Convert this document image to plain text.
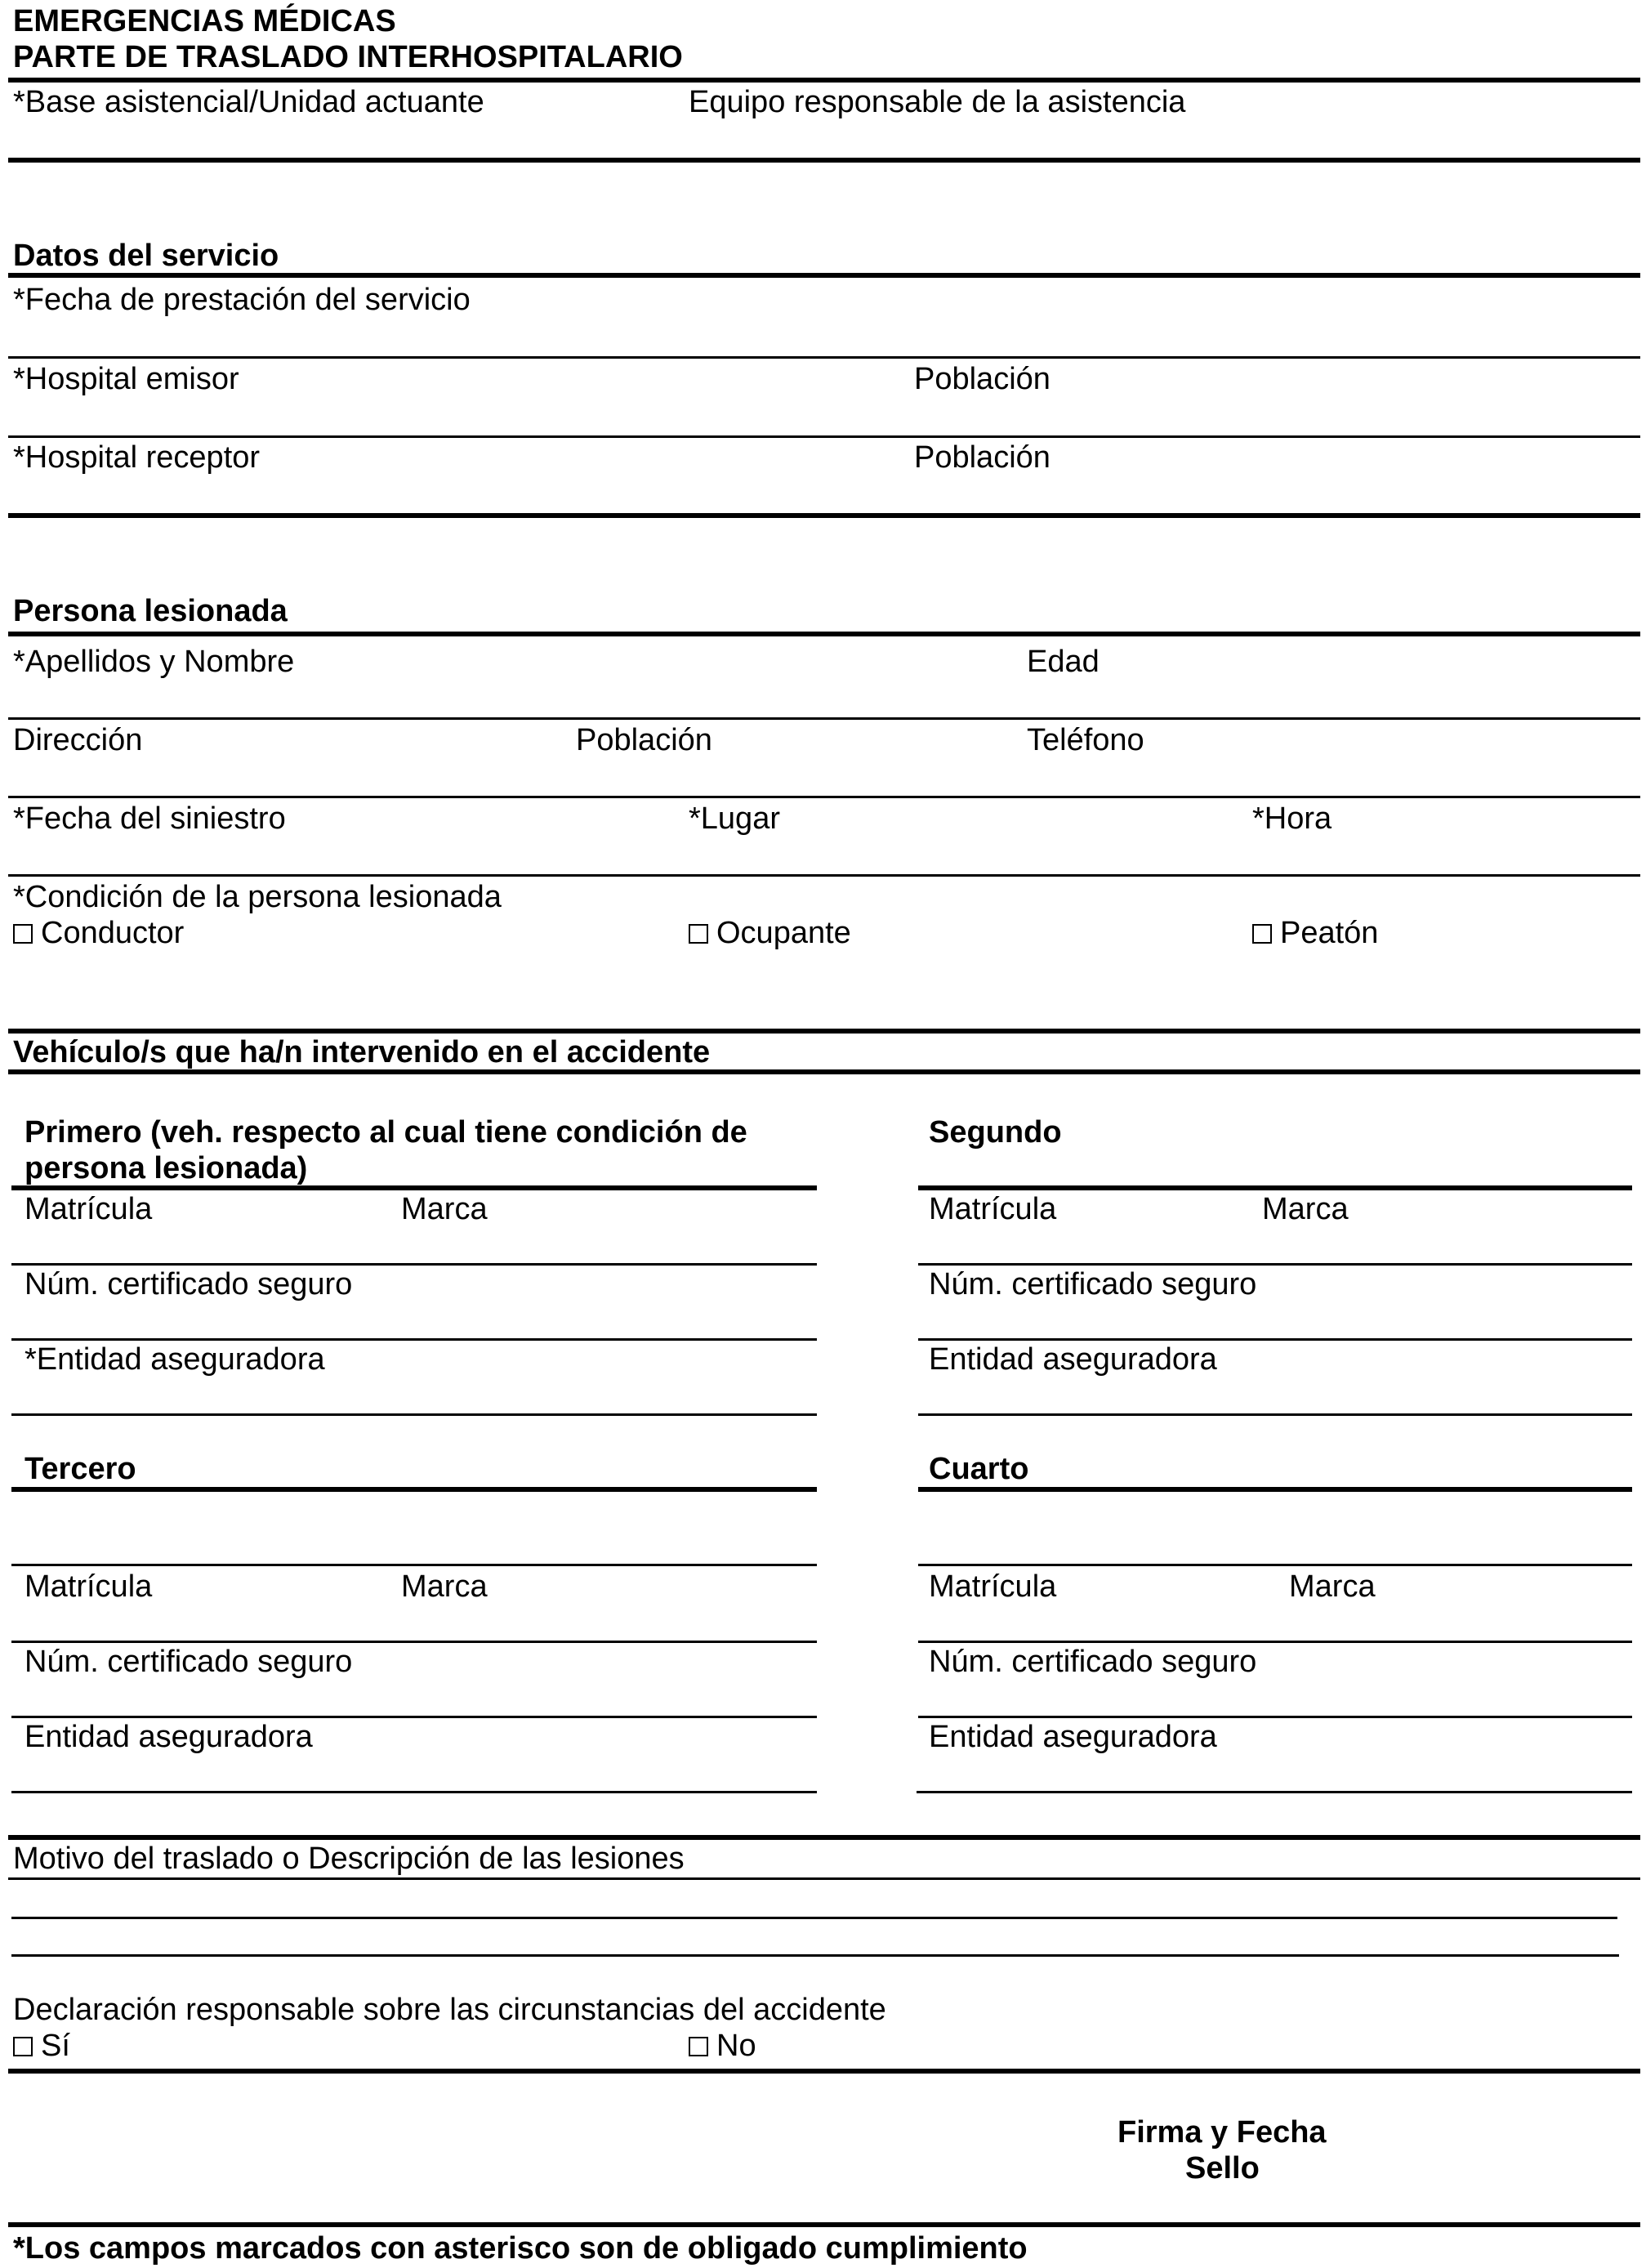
EMERGENCIAS MÉDICAS
PARTE DE TRASLADO INTERHOSPITALARIO
*Base asistencial/Unidad actuante	Equipo responsable de la asistencia
Datos del servicio
*Fecha de prestación del servicio
*Hospital emisor	Población
*Hospital receptor	Población
Persona lesionada
*Apellidos y Nombre	Edad
Dirección	Población	Teléfono
*Fecha del siniestro	*Lugar	*Hora
*Condición de la persona lesionada
Conductor	Ocupante	Peatón
Vehículo/s que ha/n intervenido en el accidente
Primero (veh. respecto al cual tiene condición de
persona lesionada)
Matrícula	Marca
Núm. certificado seguro
*Entidad aseguradora
Segundo
Matrícula	Marca
Núm. certificado seguro
Entidad aseguradora
Tercero
Matrícula	Marca
Núm. certificado seguro
Entidad aseguradora
Cuarto
Matrícula	Marca
Núm. certificado seguro
Entidad aseguradora
Motivo del traslado o Descripción de las lesiones
Declaración responsable sobre las circunstancias del accidente
Sí	No
Firma y Fecha
Sello
*Los campos marcados con asterisco son de obligado cumplimiento
